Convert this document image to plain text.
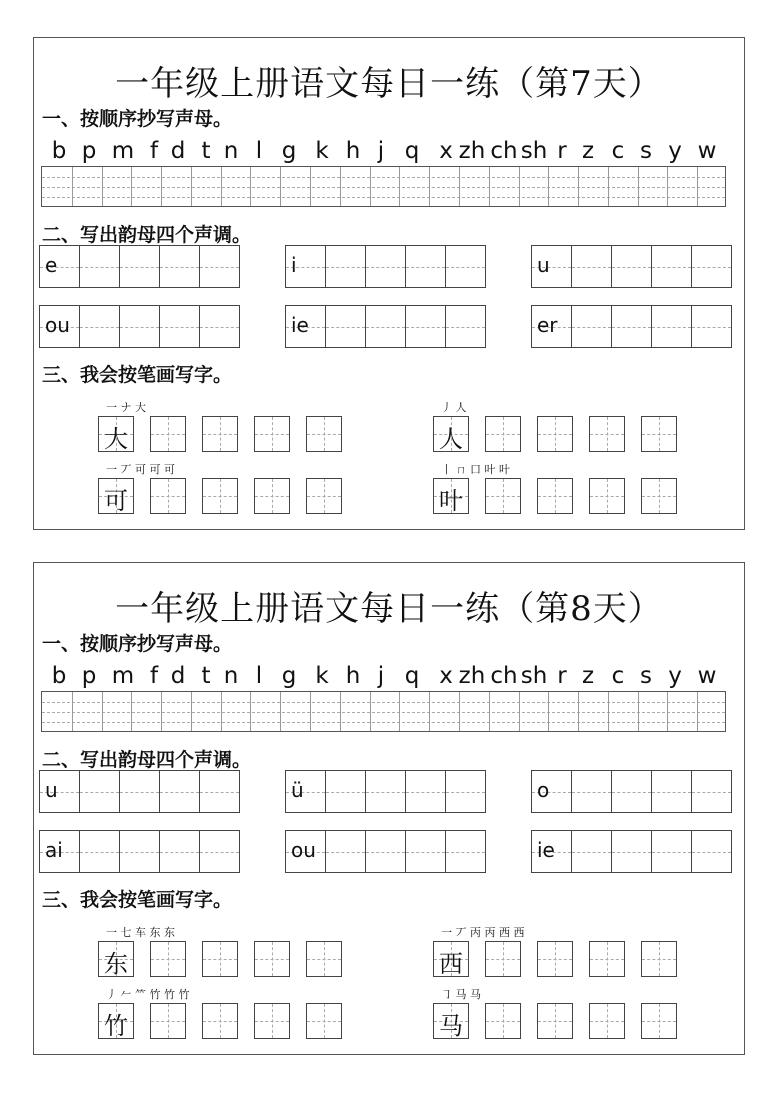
一年级上册语文每日一练（第7天）
一、按顺序抄写声母。
b p m f d t n l g k h j q x zh ch sh r z c s y w
二、写出韵母四个声调。
e	i	u
ou	ie	er
三、我会按笔画写字。
一 ナ 大
大
丿 人
人
一 丆 可 可 可
可
丨 ㄇ 口 叶 叶
叶
一年级上册语文每日一练（第8天）
一、按顺序抄写声母。
b p m f d t n l g k h j q x zh ch sh r z c s y w
二、写出韵母四个声调。
u	ü	o
ai	ou	ie
三、我会按笔画写字。
一 七 车 东 东
东
一 丆 丙 丙 西 西
西
丿 𠂉 ⺮ 竹 竹 竹
竹
㇆ 马 马
马
